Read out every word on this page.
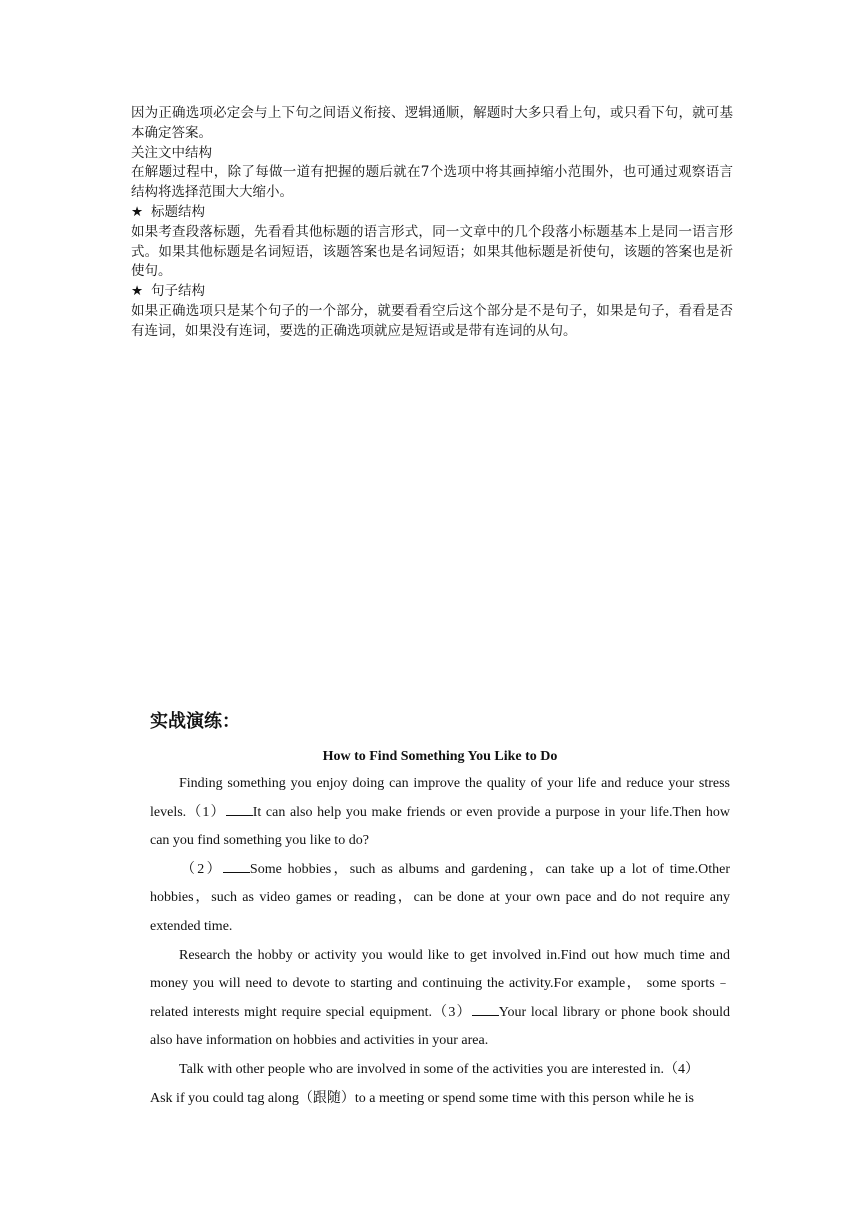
因为正确选项必定会与上下句之间语义衔接、逻辑通顺，解题时大多只看上句，或只看下句，就可基本确定答案。

关注文中结构

在解题过程中，除了每做一道有把握的题后就在7个选项中将其画掉缩小范围外，也可通过观察语言结构将选择范围大大缩小。

★ 标题结构

如果考查段落标题，先看看其他标题的语言形式，同一文章中的几个段落小标题基本上是同一语言形式。如果其他标题是名词短语，该题答案也是名词短语；如果其他标题是祈使句，该题的答案也是祈使句。

★ 句子结构

如果正确选项只是某个句子的一个部分，就要看看空后这个部分是不是句子，如果是句子，看看是否有连词，如果没有连词，要选的正确选项就应是短语或是带有连词的从句。

实战演练：
How to Find Something You Like to Do

Finding something you enjoy doing can improve the quality of your life and reduce your stress levels.（1） It can also help you make friends or even provide a purpose in your life.Then how can you find something you like to do?

（2） Some hobbies，such as albums and gardening，can take up a lot of time.Other hobbies，such as video games or reading，can be done at your own pace and do not require any extended time.

Research the hobby or activity you would like to get involved in.Find out how much time and money you will need to devote to starting and continuing the activity.For example， some sports﹣related interests might require special equipment.（3） Your local library or phone book should also have information on hobbies and activities in your area.

Talk with other people who are involved in some of the activities you are interested in.（4）
Ask if you could tag along（跟随）to a meeting or spend some time with this person while he is
